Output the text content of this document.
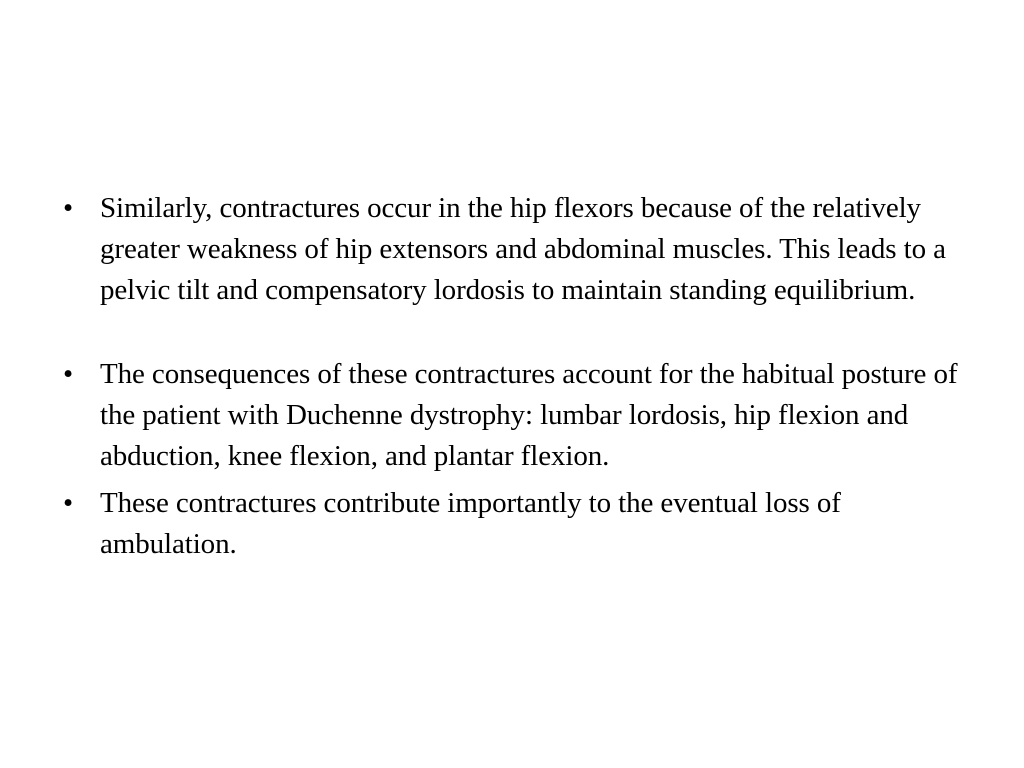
• Similarly, contractures occur in the hip flexors because of the relatively greater weakness of hip extensors and abdominal muscles. This leads to a pelvic tilt and compensatory lordosis to maintain standing equilibrium.
• The consequences of these contractures account for the habitual posture of the patient with Duchenne dystrophy: lumbar lordosis, hip flexion and abduction, knee flexion, and plantar flexion.
• These contractures contribute importantly to the eventual loss of ambulation.
